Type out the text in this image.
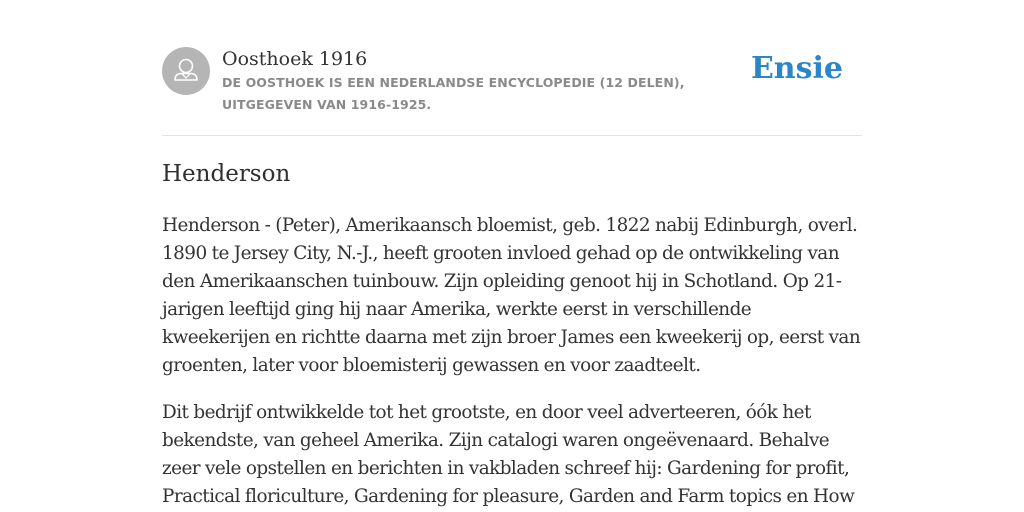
Oosthoek 1916
DE OOSTHOEK IS EEN NEDERLANDSE ENCYCLOPEDIE (12 DELEN), UITGEGEVEN VAN 1916-1925.
Ensie
Henderson

Henderson - (Peter), Amerikaansch bloemist, geb. 1822 nabij Edinburgh, overl. 1890 te Jersey City, N.-J., heeft grooten invloed gehad op de ontwikkeling van den Amerikaanschen tuinbouw. Zijn opleiding genoot hij in Schotland. Op 21-jarigen leeftijd ging hij naar Amerika, werkte eerst in verschillende kweekerijen en richtte daarna met zijn broer James een kweekerij op, eerst van groenten, later voor bloemisterij gewassen en voor zaadteelt.

Dit bedrijf ontwikkelde tot het grootste, en door veel adverteeren, óók het bekendste, van geheel Amerika. Zijn catalogi waren ongeëvenaard. Behalve zeer vele opstellen en berichten in vakbladen schreef hij: Gardening for profit, Practical floriculture, Gardening for pleasure, Garden and Farm topics en How
